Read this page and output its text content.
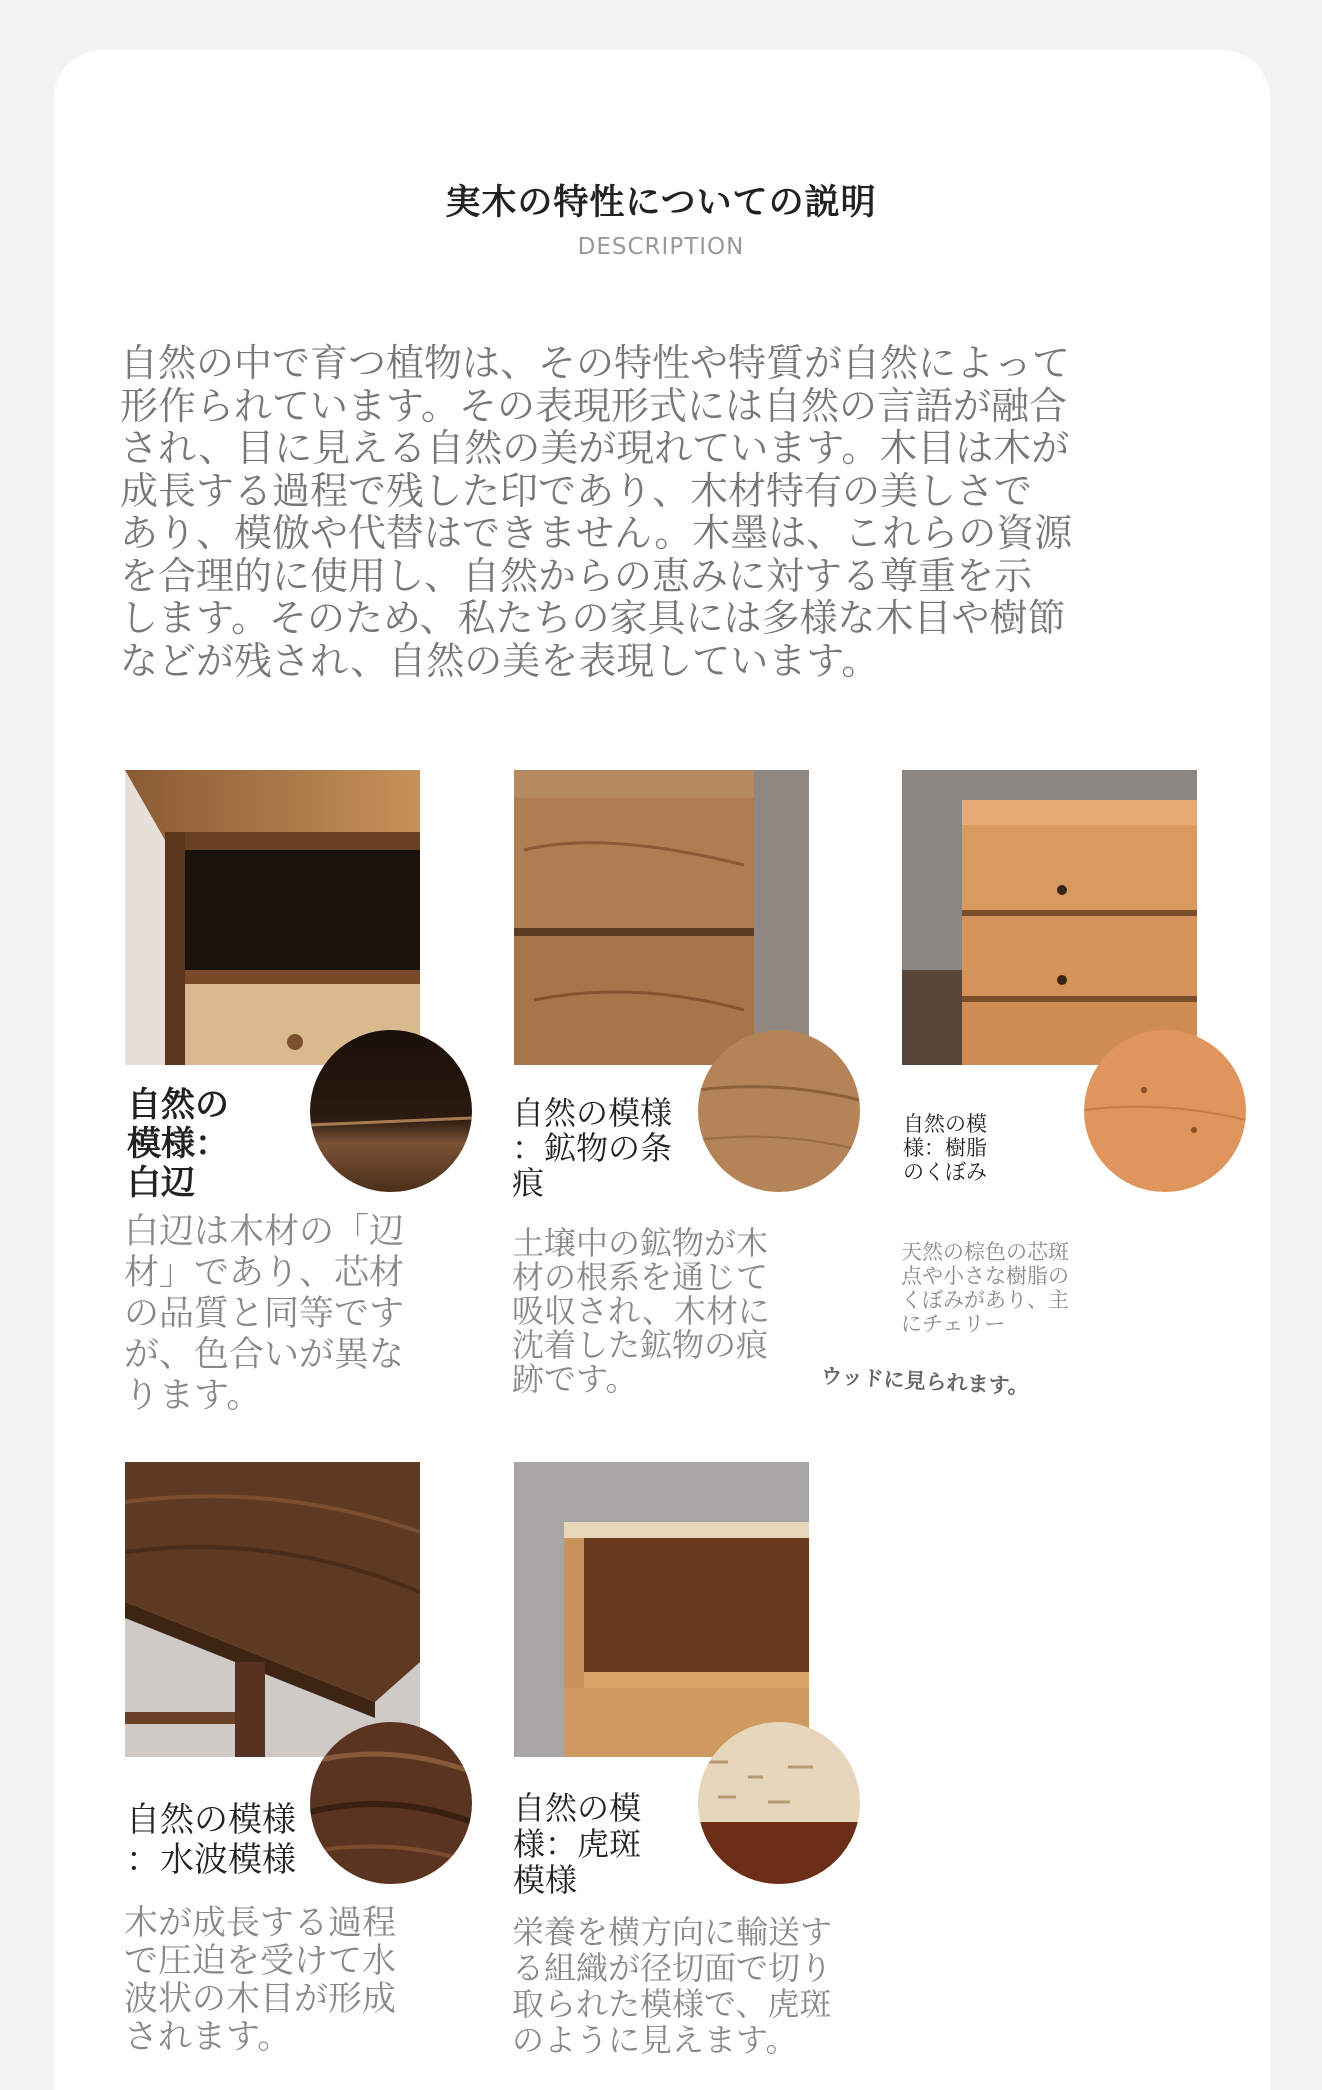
実木の特性についての説明
DESCRIPTION
自然の中で育つ植物は、その特性や特質が自然によって
形作られています。その表現形式には自然の言語が融合
され、目に見える自然の美が現れています。木目は木が
成長する過程で残した印であり、木材特有の美しさで
あり、模倣や代替はできません。木墨は、これらの資源
を合理的に使用し、自然からの恵みに対する尊重を示
します。そのため、私たちの家具には多様な木目や樹節
などが残され、自然の美を表現しています。
自然の
模様：
白辺
白辺は木材の「辺
材」であり、芯材
の品質と同等です
が、色合いが異な
ります。
自然の模様
：鉱物の条
痕
土壌中の鉱物が木
材の根系を通じて
吸収され、木材に
沈着した鉱物の痕
跡です。
自然の模
様：樹脂
のくぼみ
天然の棕色の芯斑
点や小さな樹脂の
くぼみがあり、主
にチェリー
ウッドに見られます。
自然の模様
：水波模様
木が成長する過程
で圧迫を受けて水
波状の木目が形成
されます。
自然の模
様：虎斑
模様
栄養を横方向に輸送す
る組織が径切面で切り
取られた模様で、虎斑
のように見えます。
